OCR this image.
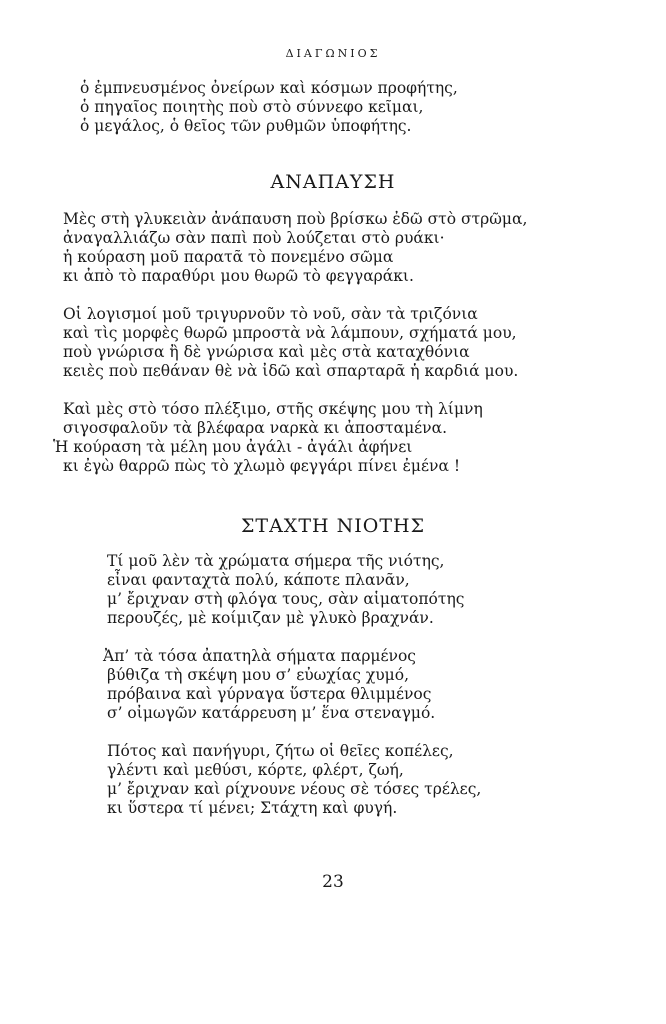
ΔΙΑΓΩΝΙΟΣ
ὁ ἐμπνευσμένος ὀνείρων καὶ κόσμων προφήτης,
ὁ πηγαῖος ποιητὴς ποὺ στὸ σύννεφο κεῖμαι,
ὁ μεγάλος, ὁ θεῖος τῶν ρυθμῶν ὑποφήτης.
ΑΝΑΠΑΥΣΗ
Μὲς στὴ γλυκειὰν ἀνάπαυση ποὺ βρίσκω ἐδῶ στὸ στρῶμα,
ἀναγαλλιάζω σὰν παπὶ ποὺ λούζεται στὸ ρυάκι·
ἡ κούραση μοῦ παρατᾶ τὸ πονεμένο σῶμα
κι ἀπὸ τὸ παραθύρι μου θωρῶ τὸ φεγγαράκι.
Οἱ λογισμοί μοῦ τριγυρνοῦν τὸ νοῦ, σὰν τὰ τριζόνια
καὶ τὶς μορφὲς θωρῶ μπροστὰ νὰ λάμπουν, σχήματά μου,
ποὺ γνώρισα ἢ δὲ γνώρισα καὶ μὲς στὰ καταχθόνια
κειὲς ποὺ πεθάναν θὲ νὰ ἰδῶ καὶ σπαρταρᾶ ἡ καρδιά μου.
Καὶ μὲς στὸ τόσο πλέξιμο, στῆς σκέψης μου τὴ λίμνη
σιγοσφαλοῦν τὰ βλέφαρα ναρκὰ κι ἀποσταμένα.
Ἡ κούραση τὰ μέλη μου ἀγάλι - ἀγάλι ἀφήνει
κι ἐγὼ θαρρῶ πὼς τὸ χλωμὸ φεγγάρι πίνει ἐμένα !
ΣΤΑΧΤΗ ΝΙΟΤΗΣ
Τί μοῦ λὲν τὰ χρώματα σήμερα τῆς νιότης,
εἶναι φανταχτὰ πολύ, κάποτε πλανᾶν,
μ’ ἔριχναν στὴ φλόγα τους, σὰν αἱματοπότης
περουζές, μὲ κοίμιζαν μὲ γλυκὸ βραχνάν.
Ἀπ’ τὰ τόσα ἀπατηλὰ σήματα παρμένος
βύθιζα τὴ σκέψη μου σ’ εὐωχίας χυμό,
πρόβαινα καὶ γύρναγα ὕστερα θλιμμένος
σ’ οἰμωγῶν κατάρρευση μ’ ἕνα στεναγμό.
Πότος καὶ πανήγυρι, ζήτω οἱ θεῖες κοπέλες,
γλέντι καὶ μεθύσι, κόρτε, φλέρτ, ζωή,
μ’ ἔριχναν καὶ ρίχνουνε νέους σὲ τόσες τρέλες,
κι ὕστερα τί μένει; Στάχτη καὶ φυγή.
23
